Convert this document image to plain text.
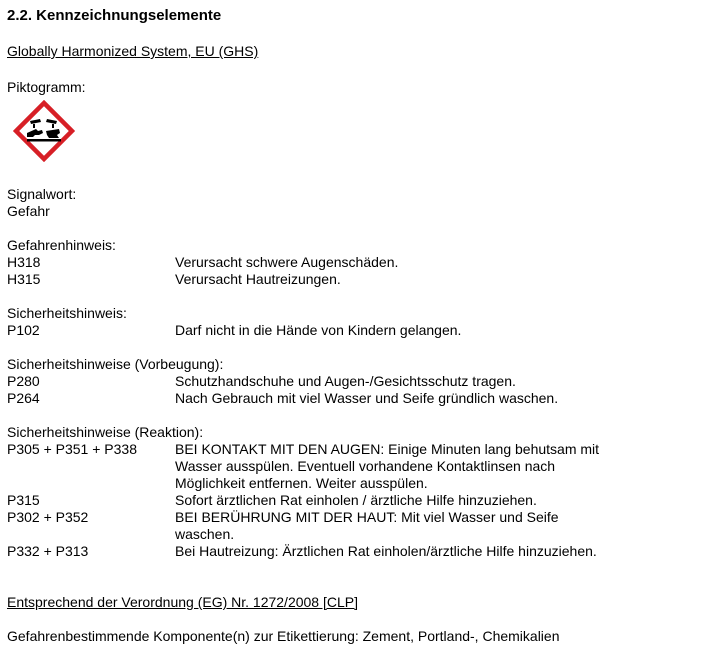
2.2. Kennzeichnungselemente
Globally Harmonized System, EU (GHS)
Piktogramm:
Signalwort:
Gefahr
Gefahrenhinweis:
H318	Verursacht schwere Augenschäden.
H315	Verursacht Hautreizungen.
Sicherheitshinweis:
P102	Darf nicht in die Hände von Kindern gelangen.
Sicherheitshinweise (Vorbeugung):
P280	Schutzhandschuhe und Augen-/Gesichtsschutz tragen.
P264	Nach Gebrauch mit viel Wasser und Seife gründlich waschen.
Sicherheitshinweise (Reaktion):
P305 + P351 + P338	BEI KONTAKT MIT DEN AUGEN: Einige Minuten lang behutsam mit
Wasser ausspülen. Eventuell vorhandene Kontaktlinsen nach
Möglichkeit entfernen. Weiter ausspülen.
P315	Sofort ärztlichen Rat einholen / ärztliche Hilfe hinzuziehen.
P302 + P352	BEI BERÜHRUNG MIT DER HAUT: Mit viel Wasser und Seife
waschen.
P332 + P313	Bei Hautreizung: Ärztlichen Rat einholen/ärztliche Hilfe hinzuziehen.
Entsprechend der Verordnung (EG) Nr. 1272/2008 [CLP]
Gefahrenbestimmende Komponente(n) zur Etikettierung: Zement, Portland-, Chemikalien
